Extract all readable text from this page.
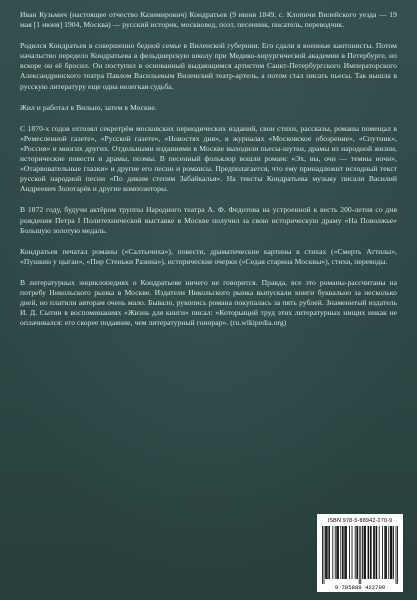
Иван Кузьмич (настоящее отчество Казимирович) Кондратьев (9 июня 1849, с. Клопичи Вилейского уезда — 19 мая [1 июня] 1904, Москва) — русский историк, москвовед, поэт, песенник, писатель, переводчик.

Родился Кондратьев в совершенно бедной семье в Виленской губернии. Его сдали в военные кантонисты. Потом начальство передело Кондратьева в фельдшерскую школу при Медико-хирургической академии в Петербурге, но вскоре он её бросил. Он поступил в основанный выдающимся артистом Санкт-Петербургского Императорского Александринского театра Павлом Васильевым Виленский театр-артель, а потом стал писать пьесы. Так вышла в русскую литературу еще одна нелегкая судьба.

Жил и работал в Вильно, затем в Москве.

С 1870-х годов ехтолял секретрём московских периодических изданий, свои стихи, рассказы, романы помещал в «Ремесленной газете», «Русской газете», «Новостях дня», в журналах «Московское обозрение», «Спутник», «Россия» и многих других. Отдельными изданиями в Москве выходили пьесы-шутки, драмы из народной жизни, исторические повести и драмы, поэмы. В песенный фольклор вошли романс «Эх, вы, очи — темны ночи», «Отарвовательные глазки» и другие его песни и романсы. Предполагается, что ему принадлежит исходный текст русской народной песни «По диким степям Забайкалья». На тексты Кондратьева музыку писали Василий Андреевич Золотарёв и другие композиторы.

В 1872 году, будучи актёром труппы Народного театра А. Ф. Федотова на устроенной к весть 200-летия со дня рождения Петра I Политехнической выставке в Москве получил за свою историческую драму «На Поволжье» Большую золотую медаль.

Кондратьев печатал романы («Салтычиха»), повести, драматические картины в стихах («Смерть Аттилы», «Пушкин у цыган», «Пир Стеньки Разина»), исторические очерки («Седая старина Москвы»), стихи, переводы.

В литературных энциклопедиях о Кондратьеве ничего не говорится. Правда, все это романы-рассчитаны на потребу Никольского рынка в Москве. Издатели Никольского рынка выпускали книги буквально за несколько дней, но платили авторам очень мало. Бывало, рукопись романа покупалась за пять рублей. Знаменитый издатель И. Д. Сытин в воспоминаниях «Жизнь для книги» писал: «Которыщий труд этих литературных нищих никак не оплачивался: его скорее подаяние, чем литературный гонорар». (ru.wikipedia.org)

ISBN 978-5-88942-270-9
9 785889 422709
